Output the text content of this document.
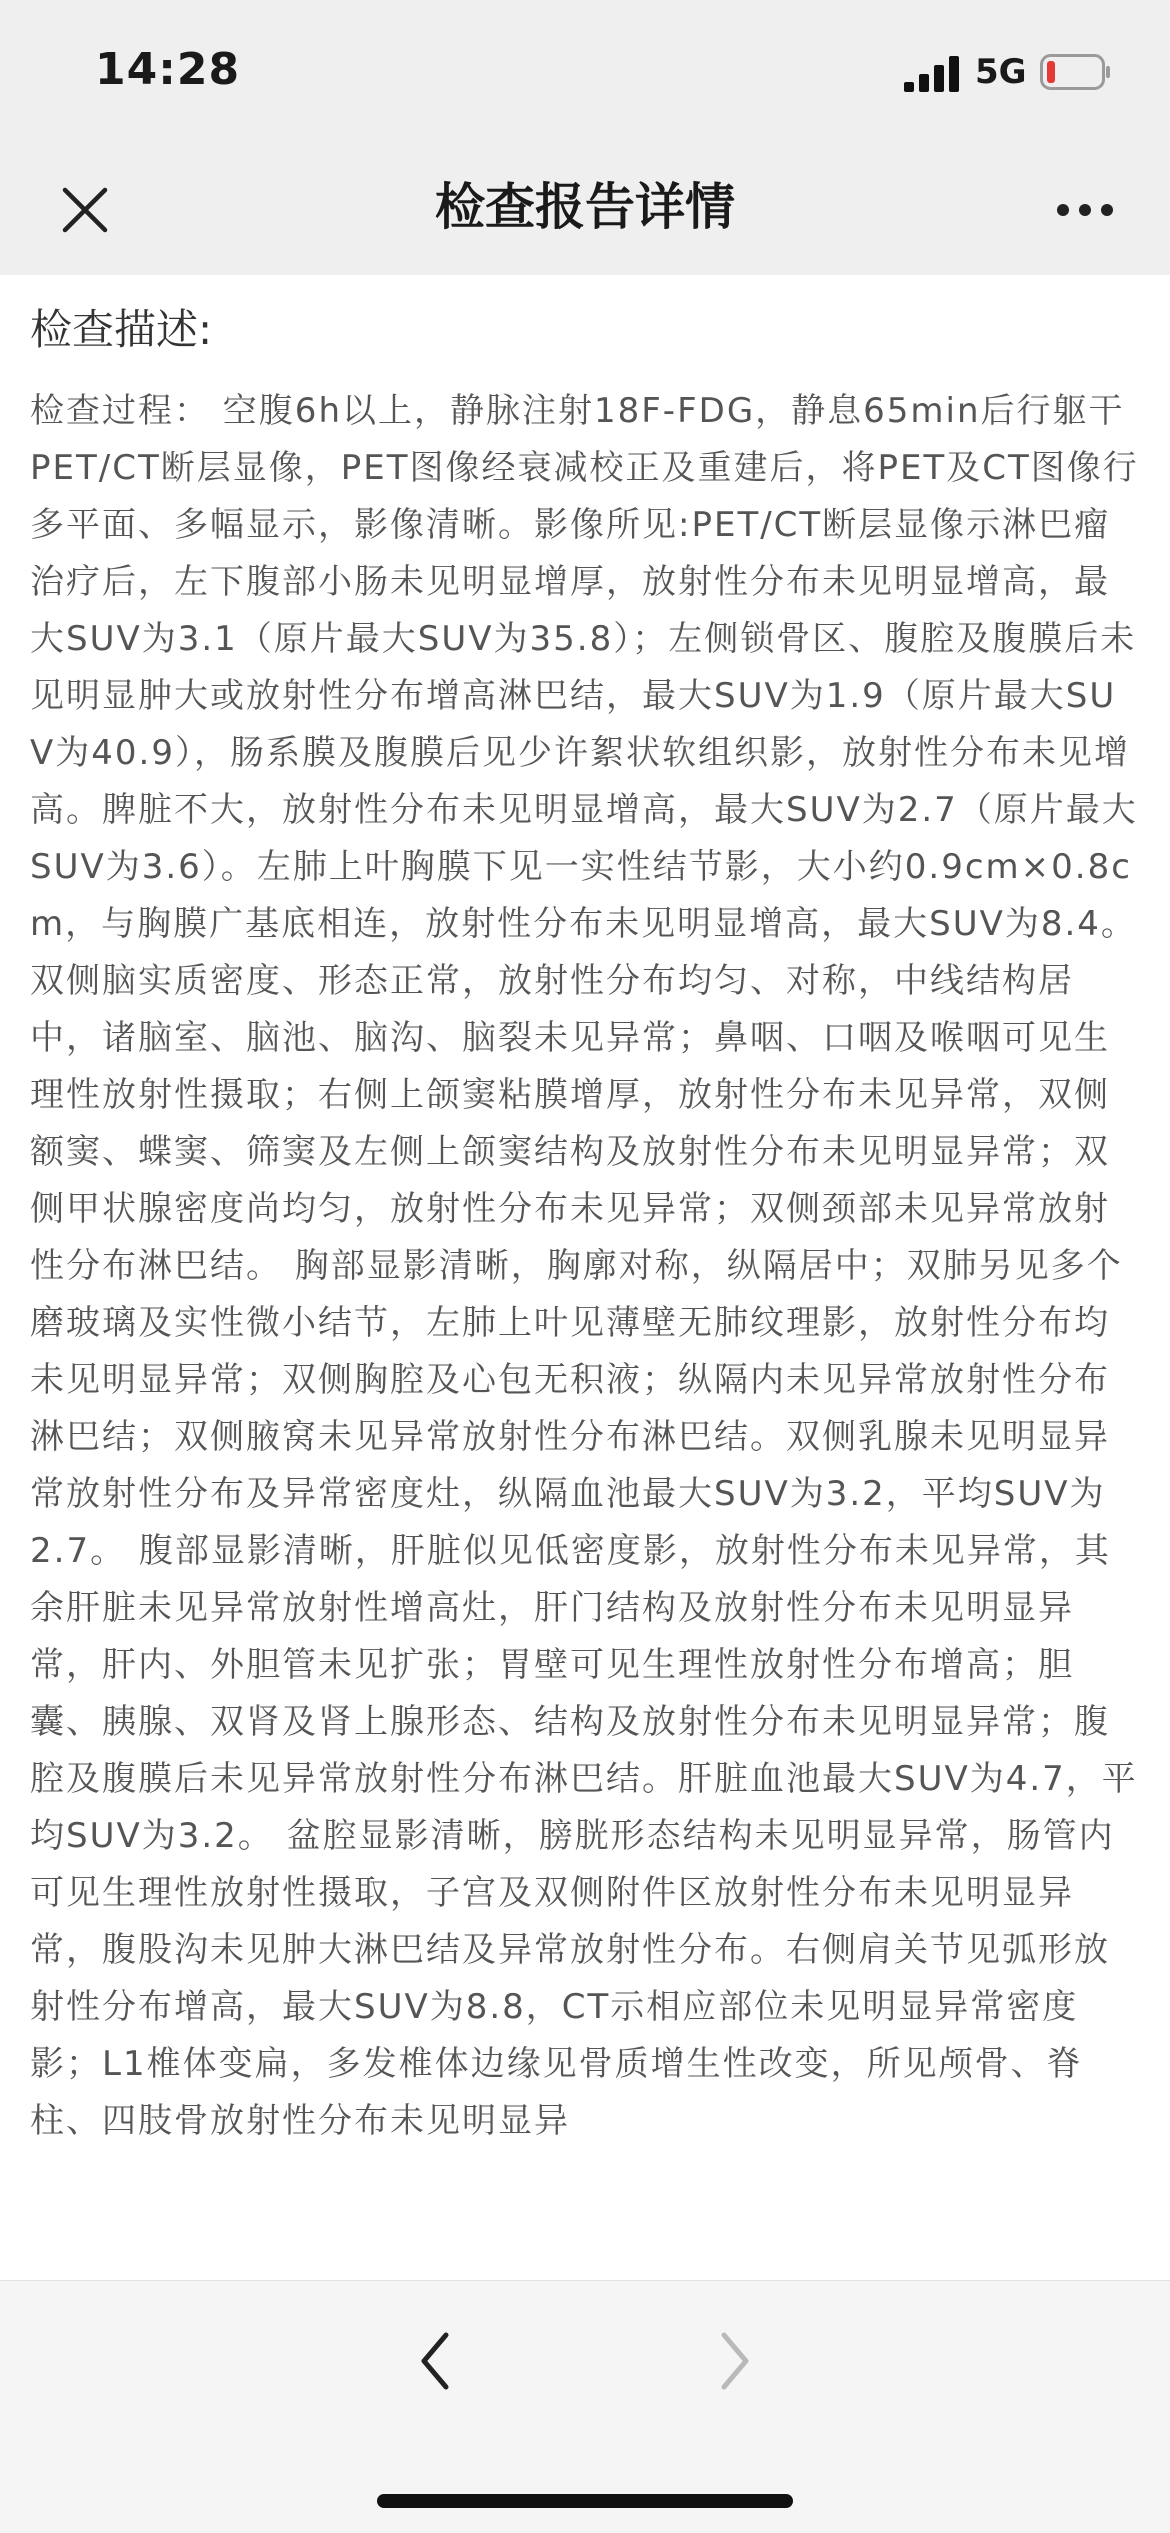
14:28	5G
检查报告详情
检查描述:

检查过程： 空腹6h以上，静脉注射18F-FDG，静息65min后行躯干PET/CT断层显像，PET图像经衰减校正及重建后，将PET及CT图像行多平面、多幅显示，影像清晰。影像所见:PET/CT断层显像示淋巴瘤治疗后，左下腹部小肠未见明显增厚，放射性分布未见明显增高，最大SUV为3.1（原片最大SUV为35.8）；左侧锁骨区、腹腔及腹膜后未见明显肿大或放射性分布增高淋巴结，最大SUV为1.9（原片最大SUV为40.9），肠系膜及腹膜后见少许絮状软组织影，放射性分布未见增高。脾脏不大，放射性分布未见明显增高，最大SUV为2.7（原片最大SUV为3.6）。左肺上叶胸膜下见一实性结节影，大小约0.9cm×0.8cm，与胸膜广基底相连，放射性分布未见明显增高，最大SUV为8.4。 双侧脑实质密度、形态正常，放射性分布均匀、对称，中线结构居中，诸脑室、脑池、脑沟、脑裂未见异常；鼻咽、口咽及喉咽可见生理性放射性摄取；右侧上颌窦粘膜增厚，放射性分布未见异常，双侧额窦、蝶窦、筛窦及左侧上颌窦结构及放射性分布未见明显异常；双侧甲状腺密度尚均匀，放射性分布未见异常；双侧颈部未见异常放射性分布淋巴结。 胸部显影清晰，胸廓对称，纵隔居中；双肺另见多个磨玻璃及实性微小结节，左肺上叶见薄壁无肺纹理影，放射性分布均未见明显异常；双侧胸腔及心包无积液；纵隔内未见异常放射性分布淋巴结；双侧腋窝未见异常放射性分布淋巴结。双侧乳腺未见明显异常放射性分布及异常密度灶，纵隔血池最大SUV为3.2，平均SUV为2.7。 腹部显影清晰，肝脏似见低密度影，放射性分布未见异常，其余肝脏未见异常放射性增高灶，肝门结构及放射性分布未见明显异常，肝内、外胆管未见扩张；胃壁可见生理性放射性分布增高；胆囊、胰腺、双肾及肾上腺形态、结构及放射性分布未见明显异常；腹腔及腹膜后未见异常放射性分布淋巴结。肝脏血池最大SUV为4.7，平均SUV为3.2。 盆腔显影清晰，膀胱形态结构未见明显异常，肠管内可见生理性放射性摄取，子宫及双侧附件区放射性分布未见明显异常，腹股沟未见肿大淋巴结及异常放射性分布。右侧肩关节见弧形放射性分布增高，最大SUV为8.8，CT示相应部位未见明显异常密度影；L1椎体变扁，多发椎体边缘见骨质增生性改变，所见颅骨、脊柱、四肢骨放射性分布未见明显异
